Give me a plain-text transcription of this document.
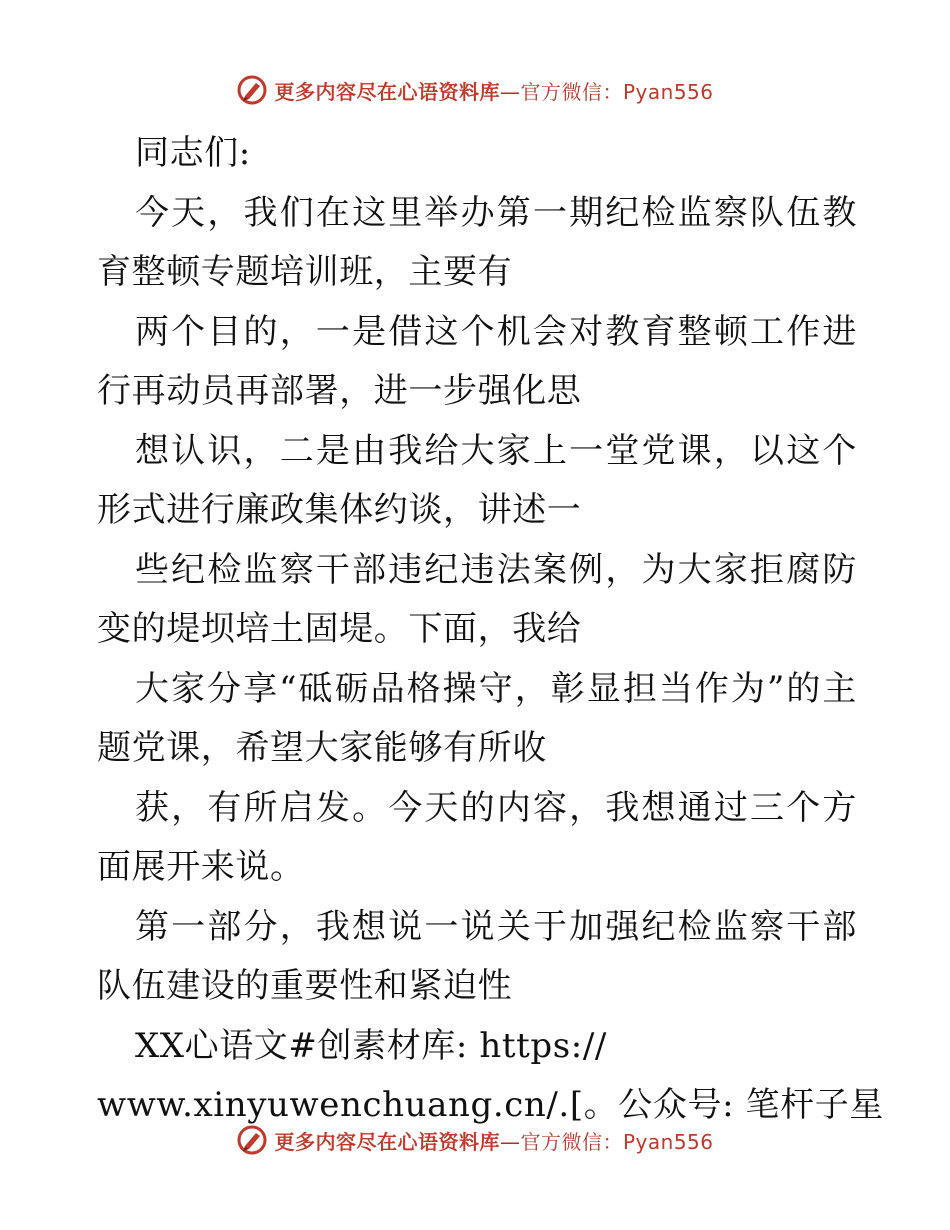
更多内容尽在心语资料库—官方微信：Pyan556

同志们:

今天，我们在这里举办第一期纪检监察队伍教育整顿专题培训班，主要有

两个目的，一是借这个机会对教育整顿工作进行再动员再部署，进一步强化思

想认识，二是由我给大家上一堂党课，以这个形式进行廉政集体约谈，讲述一

些纪检监察干部违纪违法案例，为大家拒腐防变的堤坝培土固堤。下面，我给

大家分享“砥砺品格操守，彰显担当作为”的主题党课，希望大家能够有所收

获，有所启发。今天的内容，我想通过三个方面展开来说。

第一部分，我想说一说关于加强纪检监察干部队伍建设的重要性和紧迫性

XX心语文#创素材库: https://

www.xinyuwenchuang.cn/.[。公众号: 笔杆子星

更多内容尽在心语资料库—官方微信：Pyan556
